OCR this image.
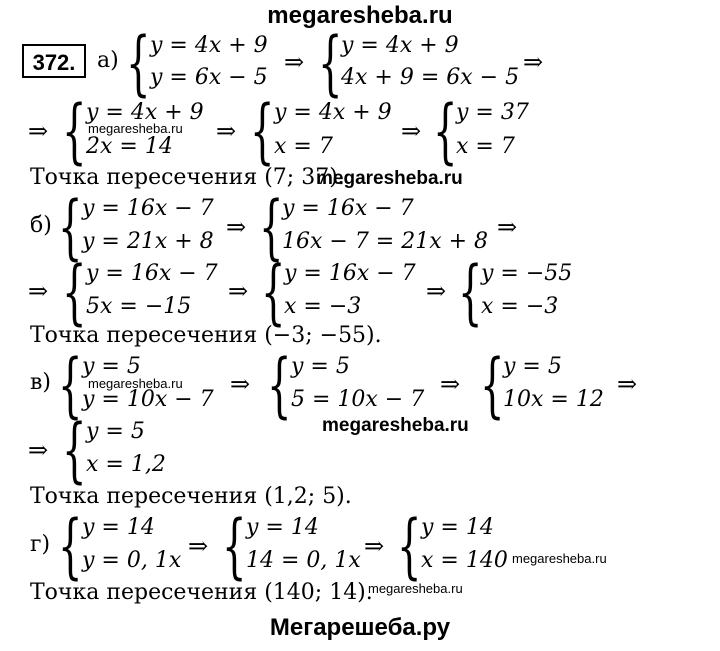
megaresheba.ru
Мегарешеба.ру
372. а) { y = 4x + 9
y = 6x − 5
⇒ {
y = 4x + 9
4x + 9 = 6x − 5
⇒
⇒ { y = 4x + 9
2x = 14
⇒ { y = 4x + 9
x = 7
⇒ {
y = 37
x = 7
Точка пересечения (7; 37).
б) { y = 16x − 7
y = 21x + 8
⇒ {
y = 16x − 7
16x − 7 = 21x + 8
⇒
⇒ { y = 16x − 7
5x = −15
⇒ {
y = 16x − 7
x = −3
⇒ {
y = −55
x = −3
Точка пересечения (−3; −55).
в) { y = 5
y = 10x − 7
⇒ { y = 5
5 = 10x − 7
⇒ {
y = 5
10x = 12
⇒
⇒ { y = 5
x = 1,2
Точка пересечения (1,2; 5).
г) { y = 14
y = 0, 1x
⇒ { y = 14
14 = 0, 1x
⇒ { y = 14
x = 140
Точка пересечения (140; 14).
megaresheba.ru
megaresheba.ru
megaresheba.ru
megaresheba.ru
megaresheba.ru
megaresheba.ru
